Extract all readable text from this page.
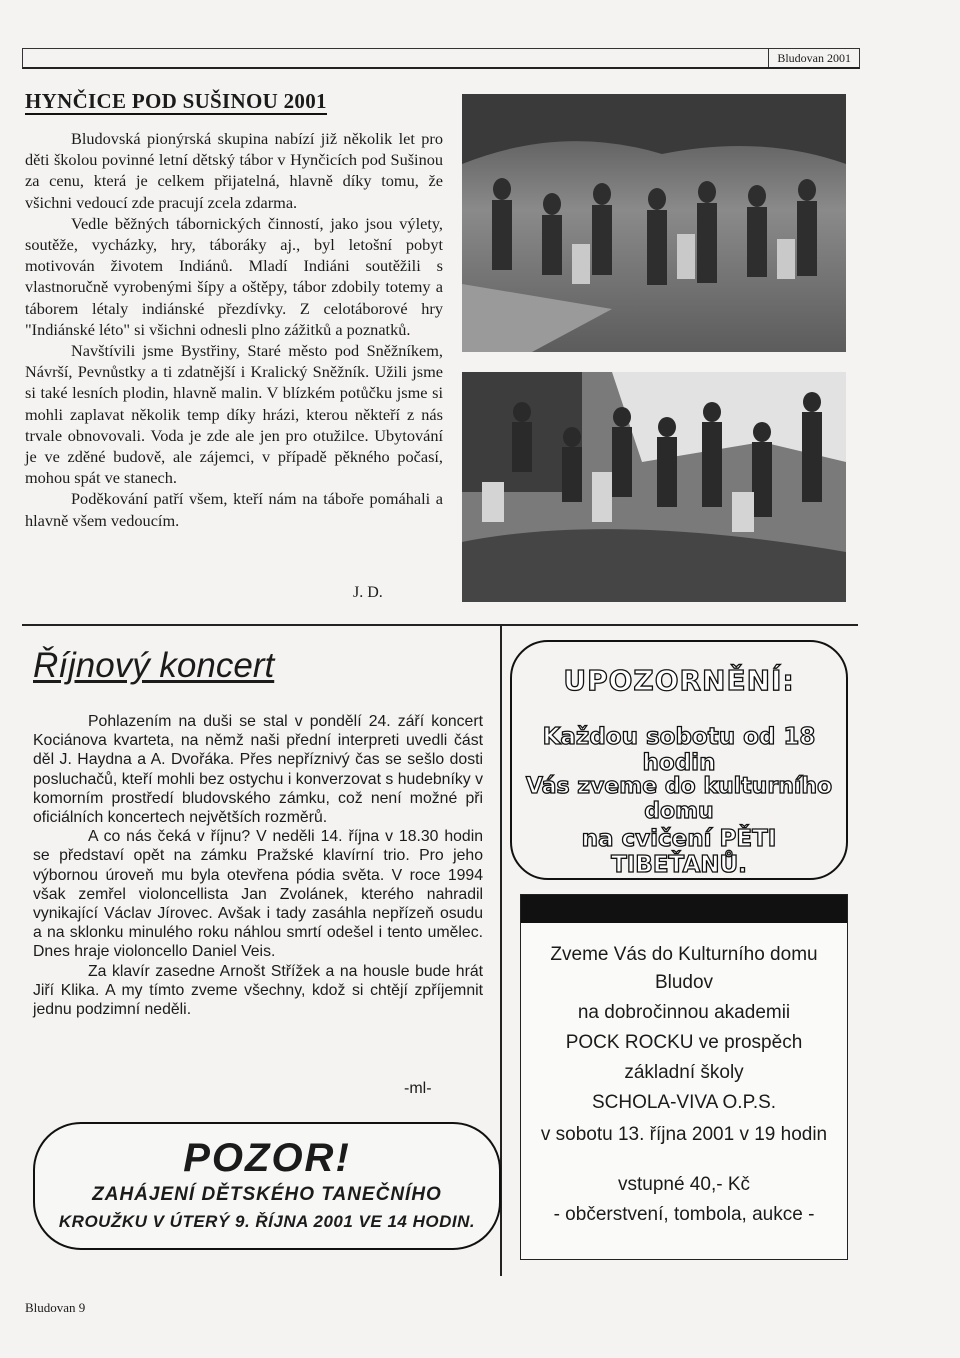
Bludovan 2001
HYNČICE POD SUŠINOU 2001

Bludovská pionýrská skupina nabízí již několik let pro děti školou povinné letní dětský tábor v Hynčicích pod Sušinou za cenu, která je celkem přijatelná, hlavně díky tomu, že všichni vedoucí zde pracují zcela zdarma.

Vedle běžných tábornických činností, jako jsou výlety, soutěže, vycházky, hry, táboráky aj., byl letošní pobyt motivován životem Indiánů. Mladí Indiáni soutěžili s vlastnoručně vyrobenými šípy a oštěpy, tábor zdobily totemy a táborem létaly indiánské přezdívky. Z celotáborové hry "Indiánské léto" si všichni odnesli plno zážitků a poznatků.

Navštívili jsme Bystřiny, Staré město pod Sněžníkem, Návrší, Pevnůstky a ti zdatnější i Kralický Sněžník. Užili jsme si také lesních plodin, hlavně malin. V blízkém potůčku jsme si mohli zaplavat několik temp díky hrázi, kterou někteří z nás trvale obnovovali. Voda je zde ale jen pro otužilce. Ubytování je ve zděné budově, ale zájemci, v případě pěkného počasí, mohou spát ve stanech.

Poděkování patří všem, kteří nám na táboře pomáhali a hlavně všem vedoucím.

J. D.
Říjnový koncert

Pohlazením na duši se stal v pondělí 24. září koncert Kociánova kvarteta, na němž naši přední interpreti uvedli část děl J. Haydna a A. Dvořáka. Přes nepříznivý čas se sešlo dosti posluchačů, kteří mohli bez ostychu i konverzovat s hudebníky v komorním prostředí bludovského zámku, což není možné při oficiálních koncertech největších rozměrů.

A co nás čeká v říjnu? V neděli 14. října v 18.30 hodin se představí opět na zámku Pražské klavírní trio. Pro jeho výbornou úroveň mu byla otevřena pódia světa. V roce 1994 však zemřel violoncellista Jan Zvolánek, kterého nahradil vynikající Václav Jírovec. Avšak i tady zasáhla nepřízeň osudu a na sklonku minulého roku náhlou smrtí odešel i tento umělec. Dnes hraje violoncello Daniel Veis.

Za klavír zasedne Arnošt Střížek a na housle bude hrát Jiří Klika. A my tímto zveme všechny, kdož si chtějí zpříjemnit jednu podzimní neděli.

-ml-
POZOR!
ZAHÁJENÍ DĚTSKÉHO TANEČNÍHO
KROUŽKU V ÚTERÝ 9. ŘÍJNA 2001 VE 14 HODIN.
UPOZORNĚNÍ:
Každou sobotu od 18 hodin
Vás zveme do kulturního domu
na cvičení PĚTI TIBEŤANŮ.
Zveme Vás do Kulturního domu
Bludov
na dobročinnou akademii
POCK ROCKU ve prospěch
základní školy
SCHOLA-VIVA O.P.S.
v sobotu 13. října 2001 v 19 hodin
vstupné 40,- Kč
- občerstvení, tombola, aukce -
Bludovan 9
